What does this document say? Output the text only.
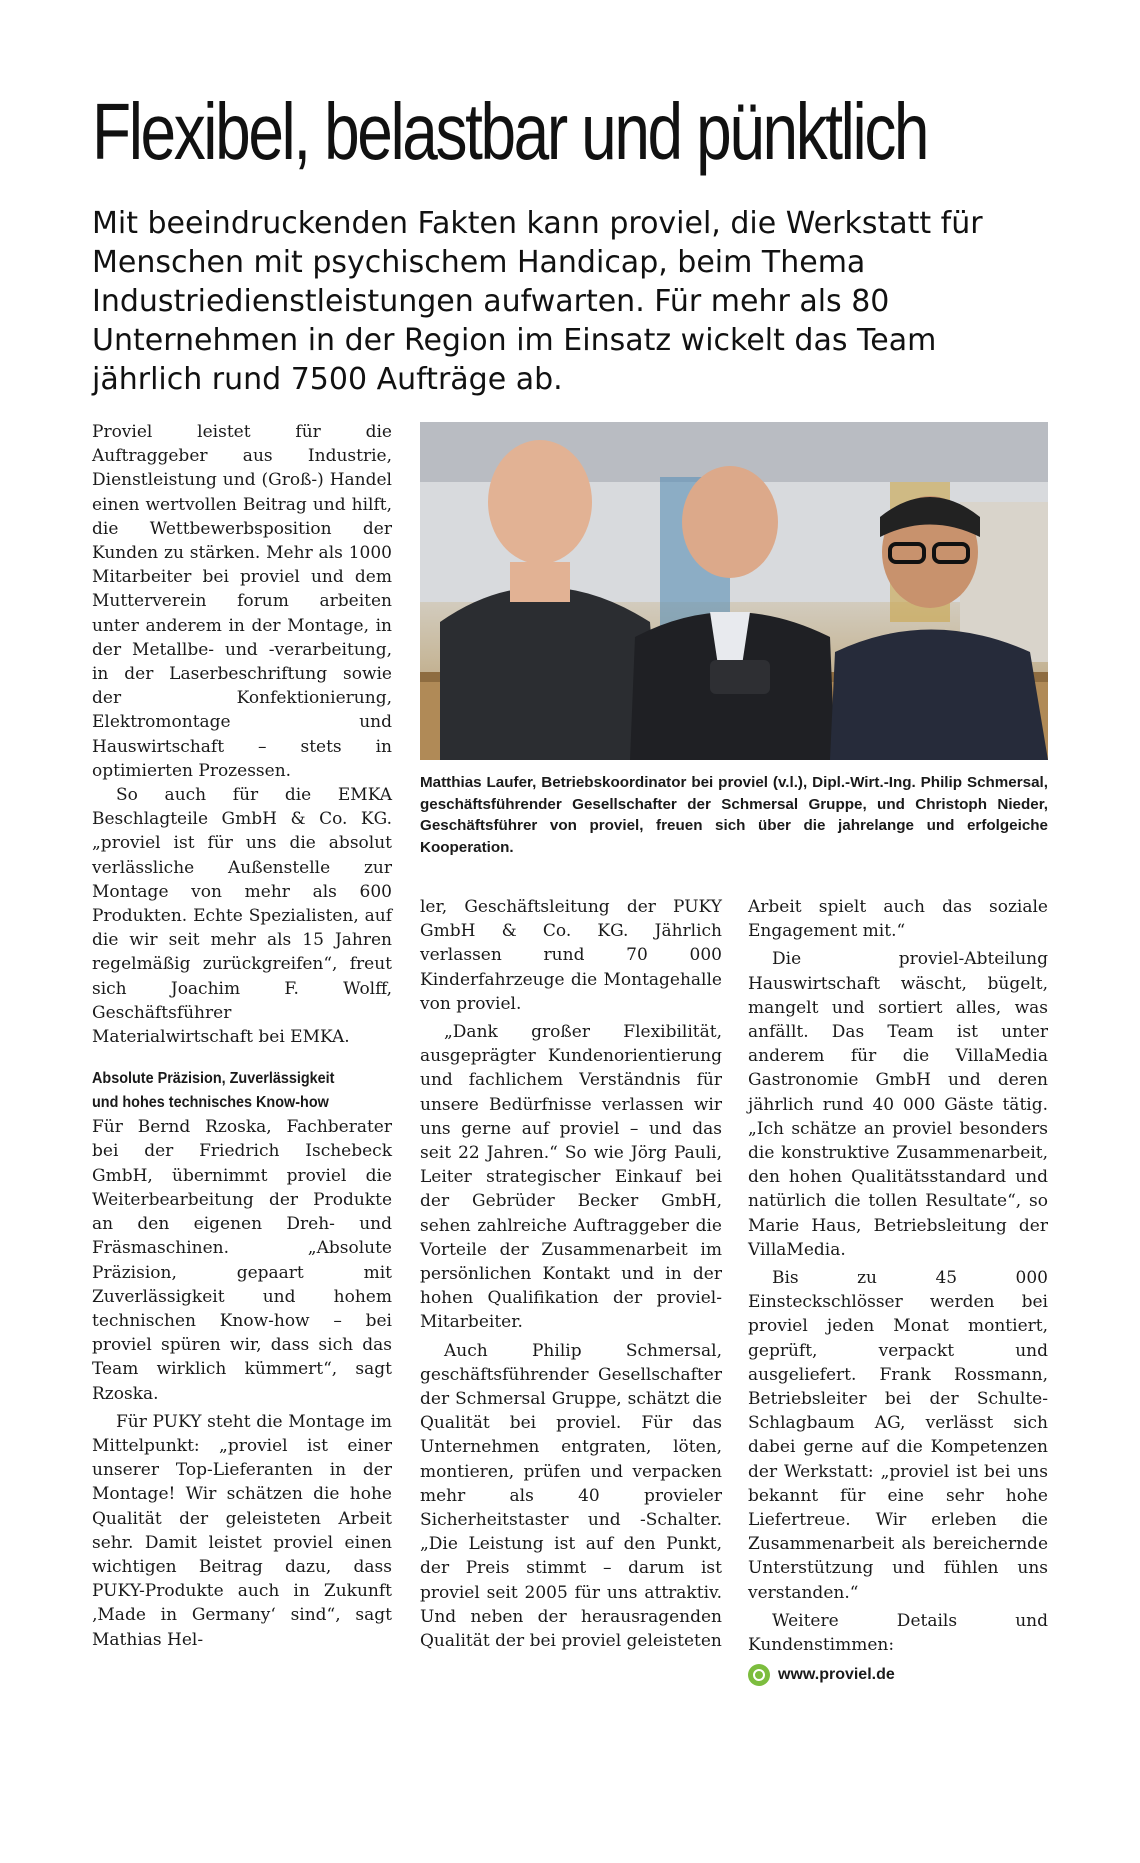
Flexibel, belastbar und pünktlich

Mit beeindruckenden Fakten kann proviel, die Werkstatt für Menschen mit psychischem Handicap, beim Thema Industriedienstleistungen aufwarten. Für mehr als 80 Unternehmen in der Region im Einsatz wickelt das Team jährlich rund 7500 Aufträge ab.

Proviel leistet für die Auftraggeber aus Industrie, Dienstleistung und (Groß-) Handel einen wertvollen Beitrag und hilft, die Wettbewerbsposition der Kunden zu stärken. Mehr als 1000 Mitarbeiter bei proviel und dem Mutterverein forum arbeiten unter anderem in der Montage, in der Metallbe- und -verarbeitung, in der Laserbeschriftung sowie der Konfektionierung, Elektromontage und Hauswirtschaft – stets in optimierten Prozessen.

So auch für die EMKA Beschlagteile GmbH & Co. KG. „proviel ist für uns die absolut verlässliche Außenstelle zur Montage von mehr als 600 Produkten. Echte Spezialisten, auf die wir seit mehr als 15 Jahren regelmäßig zurückgreifen“, freut sich Joachim F. Wolff, Geschäftsführer Materialwirtschaft bei EMKA.

Absolute Präzision, Zuverlässigkeit
und hohes technisches Know-how

Für Bernd Rzoska, Fachberater bei der Friedrich Ischebeck GmbH, übernimmt proviel die Weiterbearbeitung der Produkte an den eigenen Dreh- und Fräsmaschinen. „Absolute Präzision, gepaart mit Zuverlässigkeit und hohem technischen Know-how – bei proviel spüren wir, dass sich das Team wirklich kümmert“, sagt Rzoska.

Für PUKY steht die Montage im Mittelpunkt: „proviel ist einer unserer Top-Lieferanten in der Montage! Wir schätzen die hohe Qualität der geleisteten Arbeit sehr. Damit leistet proviel einen wichtigen Beitrag dazu, dass PUKY-Produkte auch in Zukunft ‚Made in Germany‘ sind“, sagt Mathias Hel-

Matthias Laufer, Betriebskoordinator bei proviel (v.l.), Dipl.-Wirt.-Ing. Philip Schmersal, geschäftsführender Gesellschafter der Schmersal Gruppe, und Christoph Nieder, Geschäftsführer von proviel, freuen sich über die jahrelange und erfolgeiche Kooperation.

ler, Geschäftsleitung der PUKY GmbH & Co. KG. Jährlich verlassen rund 70 000 Kinderfahrzeuge die Montagehalle von proviel.

„Dank großer Flexibilität, ausgeprägter Kundenorientierung und fachlichem Verständnis für unsere Bedürfnisse verlassen wir uns gerne auf proviel – und das seit 22 Jahren.“ So wie Jörg Pauli, Leiter strategischer Einkauf bei der Gebrüder Becker GmbH, sehen zahlreiche Auftraggeber die Vorteile der Zusammenarbeit im persönlichen Kontakt und in der hohen Qualifikation der proviel-Mitarbeiter.

Auch Philip Schmersal, geschäftsführender Gesellschafter der Schmersal Gruppe, schätzt die Qualität bei proviel. Für das Unternehmen entgraten, löten, montieren, prüfen und verpacken mehr als 40 provieler Sicherheitstaster und -Schalter. „Die Leistung ist auf den Punkt, der Preis stimmt – darum ist proviel seit 2005 für uns attraktiv. Und neben der herausragenden Qualität der bei proviel geleisteten

Arbeit spielt auch das soziale Engagement mit.“

Die proviel-Abteilung Hauswirtschaft wäscht, bügelt, mangelt und sortiert alles, was anfällt. Das Team ist unter anderem für die VillaMedia Gastronomie GmbH und deren jährlich rund 40 000 Gäste tätig. „Ich schätze an proviel besonders die konstruktive Zusammenarbeit, den hohen Qualitätsstandard und natürlich die tollen Resultate“, so Marie Haus, Betriebsleitung der VillaMedia.

Bis zu 45 000 Einsteckschlösser werden bei proviel jeden Monat montiert, geprüft, verpackt und ausgeliefert. Frank Rossmann, Betriebsleiter bei der Schulte-Schlagbaum AG, verlässt sich dabei gerne auf die Kompetenzen der Werkstatt: „proviel ist bei uns bekannt für eine sehr hohe Liefertreue. Wir erleben die Zusammenarbeit als bereichernde Unterstützung und fühlen uns verstanden.“

Weitere Details und Kundenstimmen:

www.proviel.de
